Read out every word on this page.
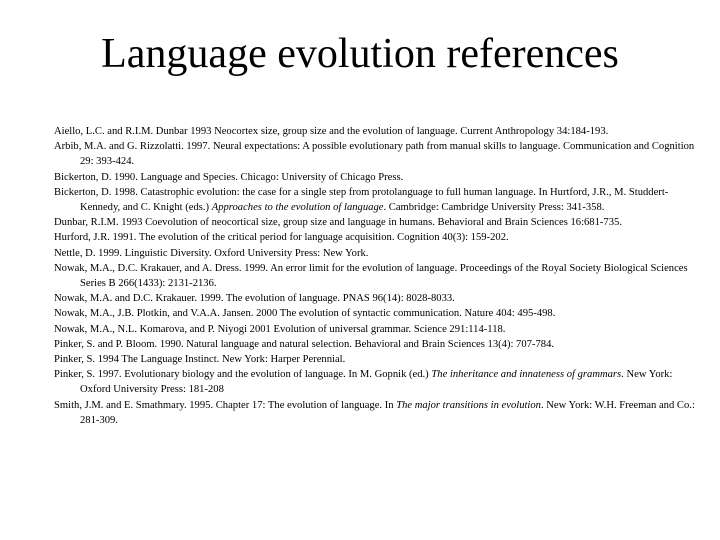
Language evolution references

Aiello, L.C. and R.I.M. Dunbar 1993 Neocortex size, group size and the evolution of language. Current Anthropology 34:184-193.

Arbib, M.A. and G. Rizzolatti. 1997. Neural expectations: A possible evolutionary path from manual skills to language. Communication and Cognition 29: 393-424.

Bickerton, D. 1990. Language and Species. Chicago: University of Chicago Press.

Bickerton, D. 1998. Catastrophic evolution: the case for a single step from protolanguage to full human language. In Hurtford, J.R., M. Studdert-Kennedy, and C. Knight (eds.) Approaches to the evolution of language. Cambridge: Cambridge University Press: 341-358.

Dunbar, R.I.M. 1993 Coevolution of neocortical size, group size and language in humans. Behavioral and Brain Sciences 16:681-735.

Hurford, J.R. 1991. The evolution of the critical period for language acquisition. Cognition 40(3): 159-202.

Nettle, D. 1999. Linguistic Diversity. Oxford University Press: New York.

Nowak, M.A., D.C. Krakauer, and A. Dress. 1999. An error limit for the evolution of language. Proceedings of the Royal Society Biological Sciences Series B 266(1433): 2131-2136.

Nowak, M.A. and D.C. Krakauer. 1999. The evolution of language. PNAS 96(14): 8028-8033.

Nowak, M.A., J.B. Plotkin, and V.A.A. Jansen. 2000 The evolution of syntactic communication. Nature 404: 495-498.

Nowak, M.A., N.L. Komarova, and P. Niyogi 2001 Evolution of universal grammar. Science 291:114-118.

Pinker, S. and P. Bloom. 1990. Natural language and natural selection. Behavioral and Brain Sciences 13(4): 707-784.

Pinker, S. 1994 The Language Instinct. New York: Harper Perennial.

Pinker, S. 1997. Evolutionary biology and the evolution of language. In M. Gopnik (ed.) The inheritance and innateness of grammars. New York: Oxford University Press: 181-208

Smith, J.M. and E. Smathmary. 1995. Chapter 17: The evolution of language. In The major transitions in evolution. New York: W.H. Freeman and Co.: 281-309.
